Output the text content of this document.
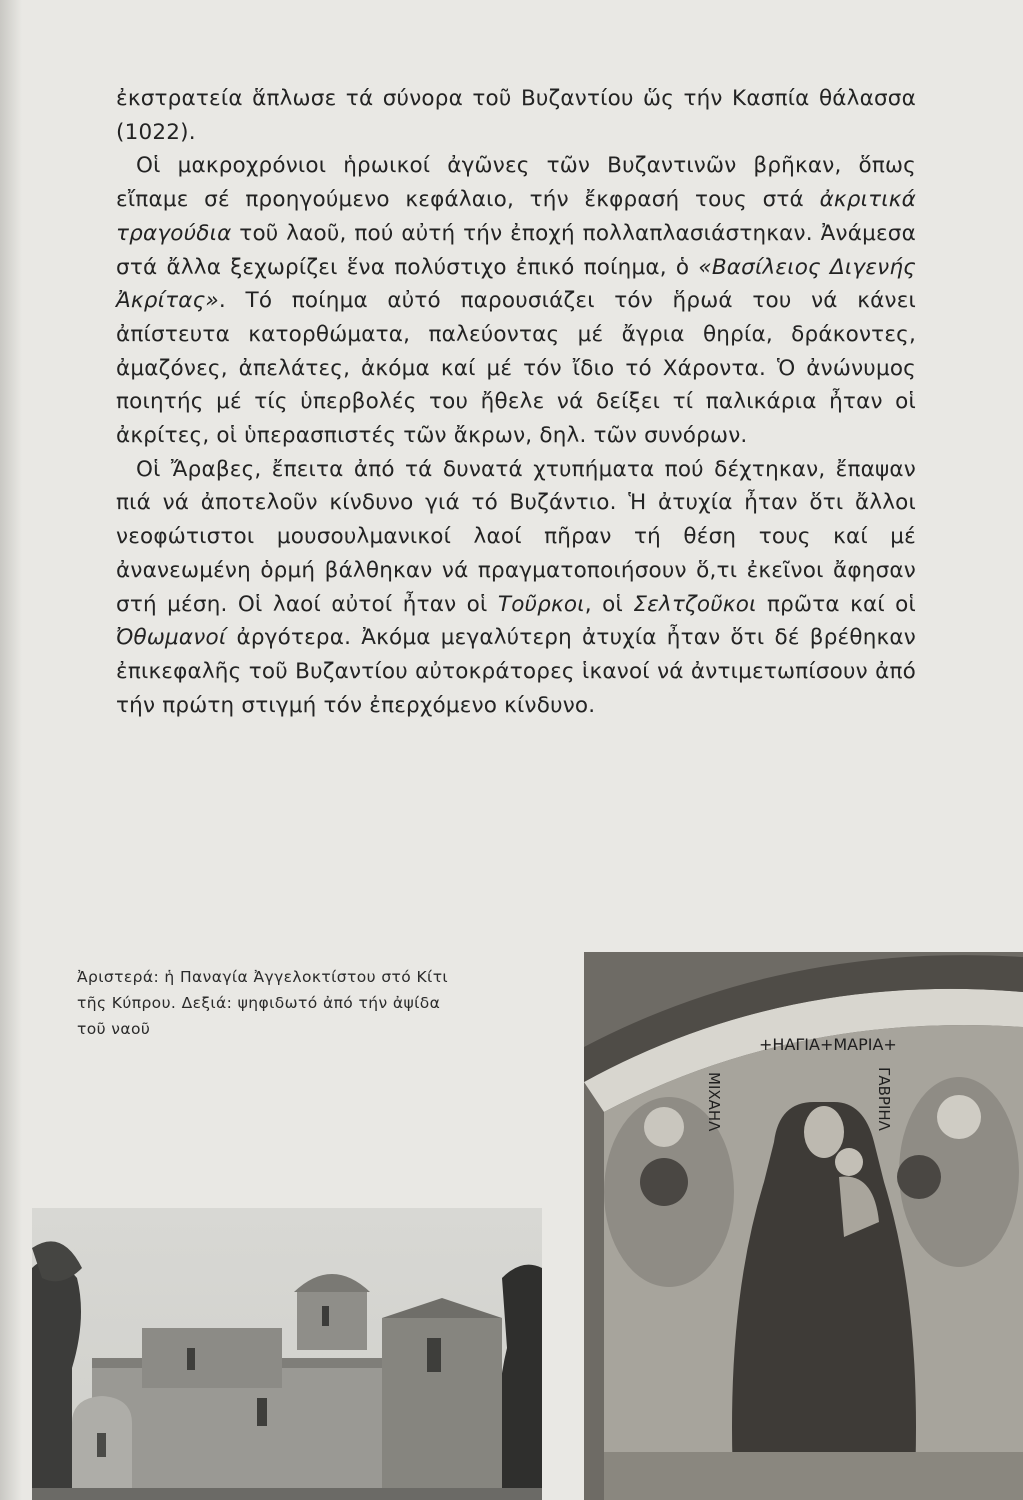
ἐκστρατεία ἅπλωσε τά σύνορα τοῦ Βυζαντίου ὥς τήν Κασπία θάλασσα (1022).

Οἱ μακροχρόνιοι ἡρωικοί ἀγῶνες τῶν Βυζαντινῶν βρῆκαν, ὅπως εἴπαμε σέ προηγούμενο κεφάλαιο, τήν ἔκφρασή τους στά ἀκριτικά τραγούδια τοῦ λαοῦ, πού αὐτή τήν ἐποχή πολλαπλασιάστηκαν. Ἀνάμεσα στά ἄλλα ξεχωρίζει ἕνα πολύστιχο ἐπικό ποίημα, ὁ «Βασίλειος Διγενής Ἀκρίτας». Τό ποίημα αὐτό παρουσιάζει τόν ἥρωά του νά κάνει ἀπίστευτα κατορθώματα, παλεύοντας μέ ἄγρια θηρία, δράκοντες, ἀμαζόνες, ἀπελάτες, ἀκόμα καί μέ τόν ἴδιο τό Χάροντα. Ὁ ἀνώνυμος ποιητής μέ τίς ὑπερβολές του ἤθελε νά δείξει τί παλικάρια ἦταν οἱ ἀκρίτες, οἱ ὑπερασπιστές τῶν ἄκρων, δηλ. τῶν συνόρων.

Οἱ Ἄραβες, ἔπειτα ἀπό τά δυνατά χτυπήματα πού δέχτηκαν, ἔπαψαν πιά νά ἀποτελοῦν κίνδυνο γιά τό Βυζάντιο. Ἡ ἀτυχία ἦταν ὅτι ἄλλοι νεοφώτιστοι μουσουλμανικοί λαοί πῆραν τή θέση τους καί μέ ἀνανεωμένη ὁρμή βάλθηκαν νά πραγματοποιήσουν ὅ,τι ἐκεῖνοι ἄφησαν στή μέση. Οἱ λαοί αὐτοί ἦταν οἱ Τοῦρκοι, οἱ Σελτζοῦκοι πρῶτα καί οἱ Ὀθωμανοί ἀργότερα. Ἀκόμα μεγαλύτερη ἀτυχία ἦταν ὅτι δέ βρέθηκαν ἐπικεφαλῆς τοῦ Βυζαντίου αὐτοκράτορες ἱκανοί νά ἀντιμετωπίσουν ἀπό τήν πρώτη στιγμή τόν ἐπερχόμενο κίνδυνο.

Ἀριστερά: ἡ Παναγία Ἀγγελοκτίστου στό Κίτι τῆς Κύπρου. Δεξιά: ψηφιδωτό ἀπό τήν ἀψίδα τοῦ ναοῦ
+ΗΑΓΙΑ+ΜΑΡΙΑ+
ΜΙΧΑΗΛ	ΓΑΒΡΙΗΛ
